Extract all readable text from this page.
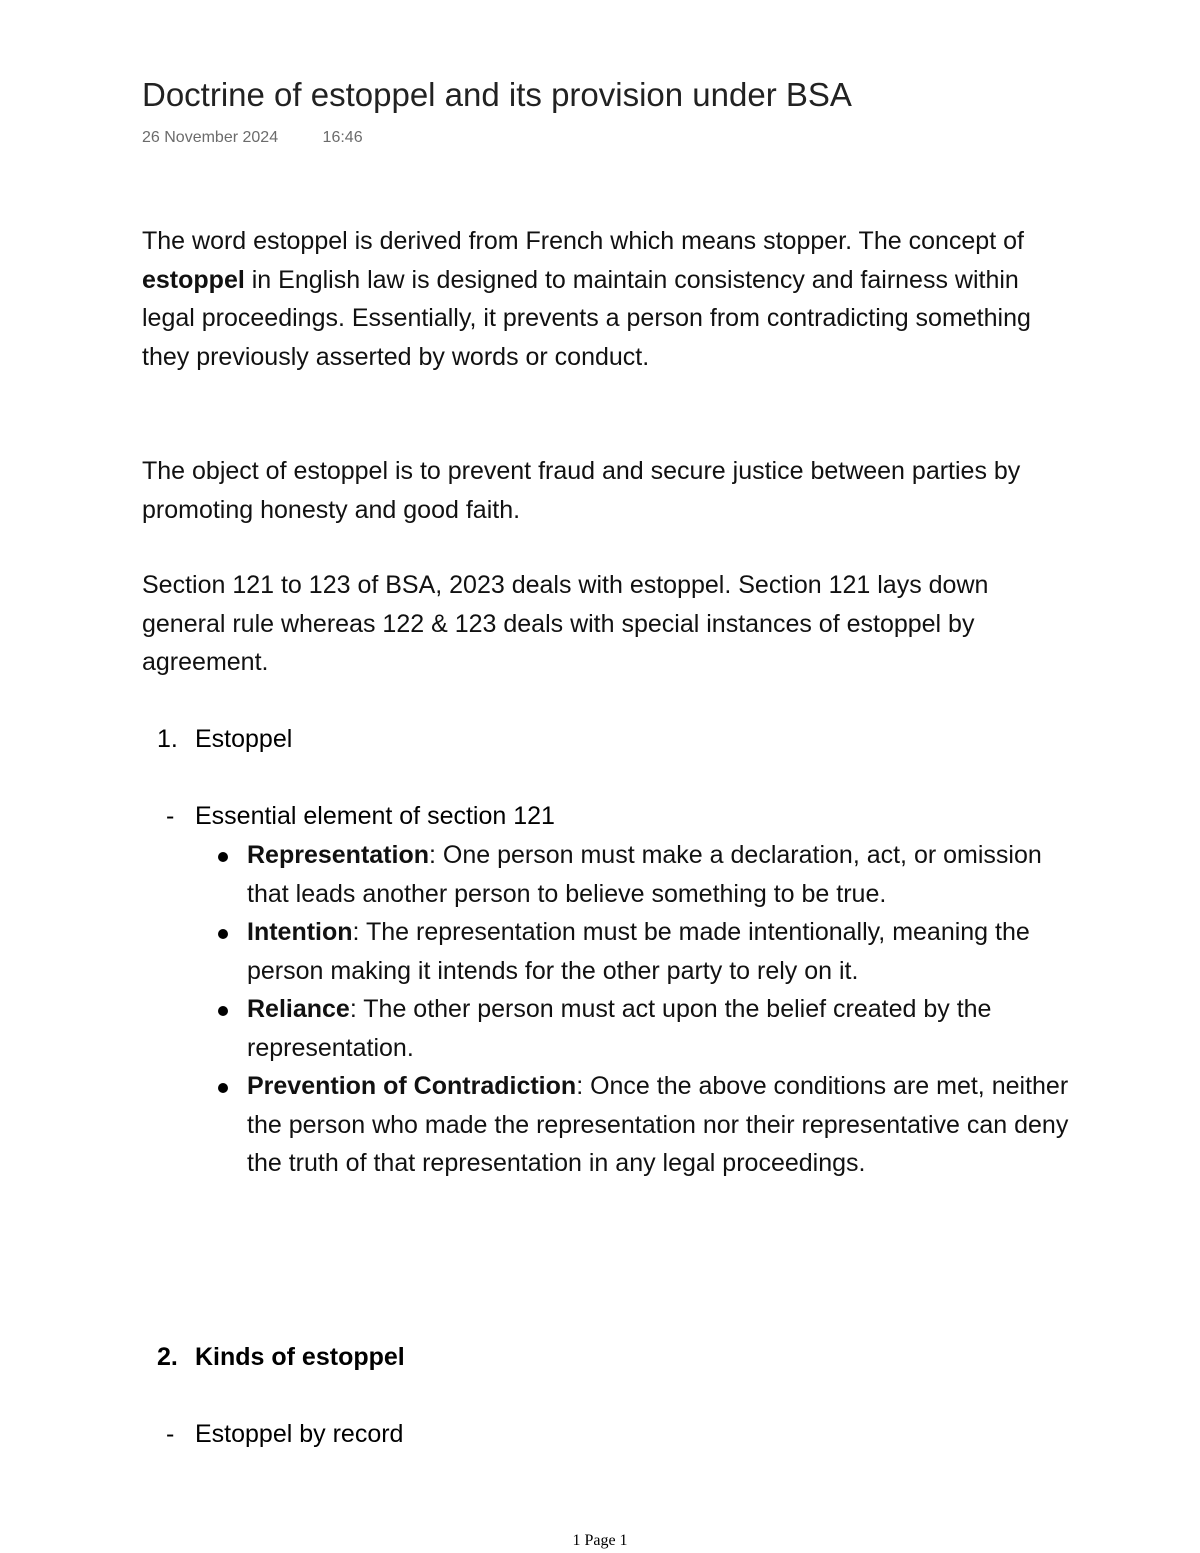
Doctrine of estoppel and its provision under BSA
26 November 2024	16:46
The word estoppel is derived from French which means stopper. The concept of estoppel in English law is designed to maintain consistency and fairness within legal proceedings. Essentially, it prevents a person from contradicting something they previously asserted by words or conduct.
The object of estoppel is to prevent fraud and secure justice between parties by promoting honesty and good faith.
Section 121 to 123 of BSA, 2023 deals with estoppel. Section 121 lays down general rule whereas 122 & 123 deals with special instances of estoppel by agreement.
1. Estoppel
- Essential element of section 121
Representation: One person must make a declaration, act, or omission that leads another person to believe something to be true.
Intention: The representation must be made intentionally, meaning the person making it intends for the other party to rely on it.
Reliance: The other person must act upon the belief created by the representation.
Prevention of Contradiction: Once the above conditions are met, neither the person who made the representation nor their representative can deny the truth of that representation in any legal proceedings.
2. Kinds of estoppel
- Estoppel by record
1 Page 1
